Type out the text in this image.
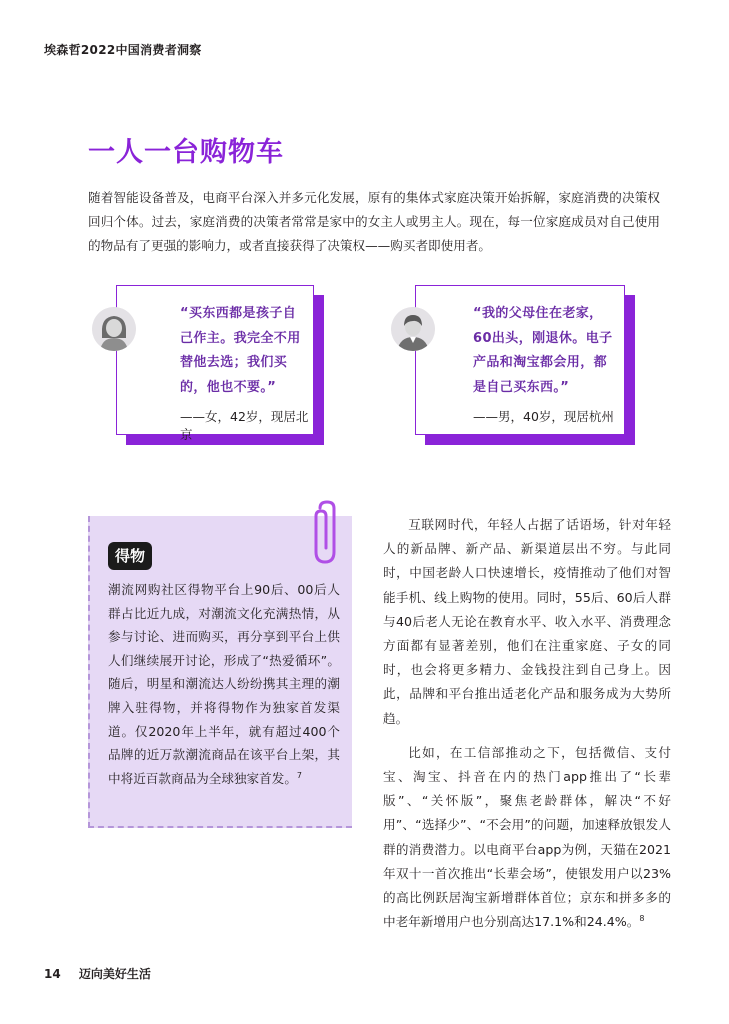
埃森哲2022中国消费者洞察
一人一台购物车

随着智能设备普及，电商平台深入并多元化发展，原有的集体式家庭决策开始拆解，家庭消费的决策权回归个体。过去，家庭消费的决策者常常是家中的女主人或男主人。现在，每一位家庭成员对自己使用的物品有了更强的影响力，或者直接获得了决策权——购买者即使用者。

“买东西都是孩子自己作主。我完全不用替他去选；我们买的，他也不要。”

——女，42岁，现居北京

“我的父母住在老家，60出头，刚退休。电子产品和淘宝都会用，都是自己买东西。”

——男，40岁，现居杭州
得物

潮流网购社区得物平台上90后、00后人群占比近九成，对潮流文化充满热情，从参与讨论、进而购买，再分享到平台上供人们继续展开讨论，形成了“热爱循环”。随后，明星和潮流达人纷纷携其主理的潮牌入驻得物，并将得物作为独家首发渠道。仅2020年上半年，就有超过400个品牌的近万款潮流商品在该平台上架，其中将近百款商品为全球独家首发。$^7$

互联网时代，年轻人占据了话语场，针对年轻人的新品牌、新产品、新渠道层出不穷。与此同时，中国老龄人口快速增长，疫情推动了他们对智能手机、线上购物的使用。同时，55后、60后人群与40后老人无论在教育水平、收入水平、消费理念方面都有显著差别，他们在注重家庭、子女的同时，也会将更多精力、金钱投注到自己身上。因此，品牌和平台推出适老化产品和服务成为大势所趋。

比如，在工信部推动之下，包括微信、支付宝、淘宝、抖音在内的热门app推出了“长辈版”、“关怀版”，聚焦老龄群体，解决“不好用”、“选择少”、“不会用”的问题，加速释放银发人群的消费潜力。以电商平台app为例，天猫在2021年双十一首次推出“长辈会场”，使银发用户以23%的高比例跃居淘宝新增群体首位；京东和拼多多的中老年新增用户也分别高达17.1%和24.4%。$^8$

14 迈向美好生活
